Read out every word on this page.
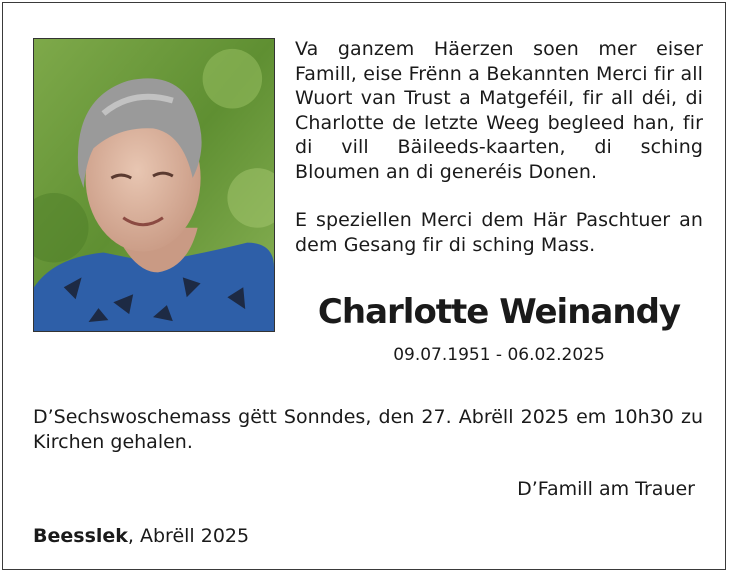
Va ganzem Häerzen soen mer eiser Famill, eise Frënn a Bekannten Merci fir all Wuort van Trust a Matgeféil, fir all déi, di Charlotte de letzte Weeg begleed han, fir di vill Bäileeds-kaarten, di sching Bloumen an di generéis Donen.

E speziellen Merci dem Här Paschtuer an dem Gesang fir di sching Mass.

Charlotte Weinandy
09.07.1951 - 06.02.2025
D’Sechswoschemass gëtt Sonndes, den 27. Abrëll 2025 em 10h30 zu Kirchen gehalen.
D’Famill am Trauer
Beesslek, Abrëll 2025
